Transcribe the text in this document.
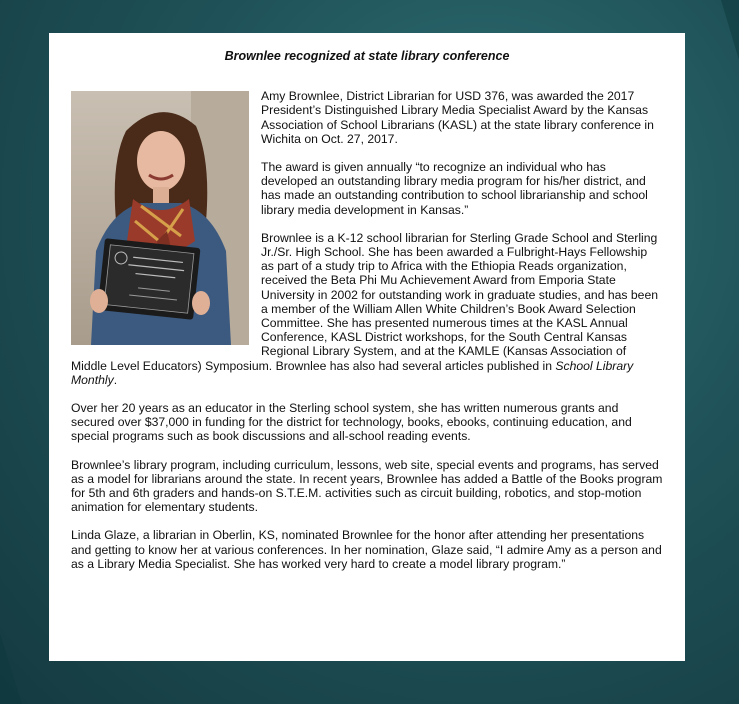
Brownlee recognized at state library conference

Amy Brownlee, District Librarian for USD 376, was awarded the 2017 President’s Distinguished Library Media Specialist Award by the Kansas Association of School Librarians (KASL) at the state library conference in Wichita on Oct. 27, 2017.

The award is given annually “to recognize an individual who has developed an outstanding library media program for his/her district, and has made an outstanding contribution to school librarianship and school library media development in Kansas.”

Brownlee is a K-12 school librarian for Sterling Grade School and Sterling Jr./Sr. High School. She has been awarded a Fulbright-Hays Fellowship as part of a study trip to Africa with the Ethiopia Reads organization, received the Beta Phi Mu Achievement Award from Emporia State University in 2002 for outstanding work in graduate studies, and has been a member of the William Allen White Children’s Book Award Selection Committee. She has presented numerous times at the KASL Annual Conference, KASL District workshops, for the South Central Kansas Regional Library System, and at the KAMLE (Kansas Association of Middle Level Educators) Symposium. Brownlee has also had several articles published in School Library Monthly.

Over her 20 years as an educator in the Sterling school system, she has written numerous grants and secured over $37,000 in funding for the district for technology, books, ebooks, continuing education, and special programs such as book discussions and all-school reading events.

Brownlee’s library program, including curriculum, lessons, web site, special events and programs, has served as a model for librarians around the state. In recent years, Brownlee has added a Battle of the Books program for 5th and 6th graders and hands-on S.T.E.M. activities such as circuit building, robotics, and stop-motion animation for elementary students.

Linda Glaze, a librarian in Oberlin, KS, nominated Brownlee for the honor after attending her presentations and getting to know her at various conferences. In her nomination, Glaze said, “I admire Amy as a person and as a Library Media Specialist. She has worked very hard to create a model library program.”
